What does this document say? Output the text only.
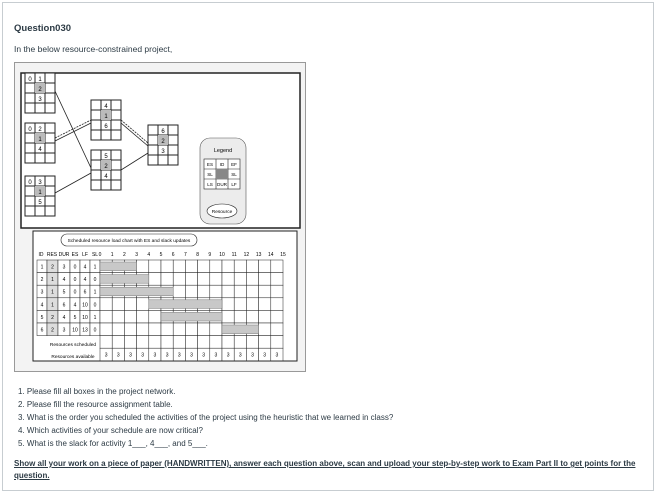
Question030
In the below resource-constrained project,
0 1
2
3
0 2
1
4
0 3
1
5
4
1
6
5
2
4
6
2
3	Legend
ES ID EF
SL	SL
LS DUR LF
Resource
Scheduled resource load chart with ES and slack updates
ID RES DUR ES LF SL 0 1 2 3 4 5 6 7 8 9 10 11 12 13 14 15
1 2 3 0 4 1
2 1 4 0 4 0
3 1 5 0 6 1
4 1 6 4 10 0
5 2 4 5 10 1
6 2 3 10 13 0
Resources scheduled
Resources available 3 3 3 3 3 3 3 3 3 3 3 3 3 3 3
1. Please fill all boxes in the project network.
2. Please fill the resource assignment table.
3. What is the order you scheduled the activities of the project using the heuristic that we learned in class?
4. Which activities of your schedule are now critical?
5. What is the slack for activity 1___, 4___, and 5___.
Show all your work on a piece of paper (HANDWRITTEN), answer each question above, scan and upload your step-by-step work to Exam Part II to get points for the question.
